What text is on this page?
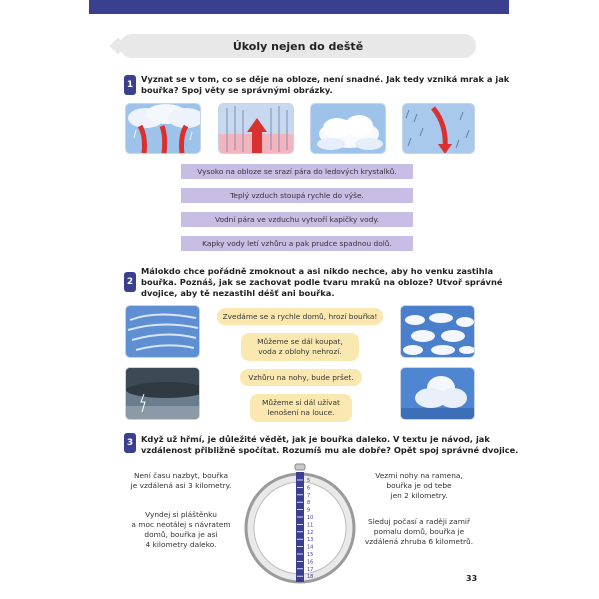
Úkoly nejen do deště
1
Vyznat se v tom, co se děje na obloze, není snadné. Jak tedy vzniká mrak a jak
bouřka? Spoj věty se správnými obrázky.
Vysoko na obloze se srazí pára do ledových krystalků.
Teplý vzduch stoupá rychle do výše.
Vodní pára ve vzduchu vytvoří kapičky vody.
Kapky vody letí vzhůru a pak prudce spadnou dolů.
2
Málokdo chce pořádně zmoknout a asi nikdo nechce, aby ho venku zastihla
bouřka. Poznáš, jak se zachovat podle tvaru mraků na obloze? Utvoř správné
dvojice, aby tě nezastihl déšť ani bouřka.
Zvedáme se a rychle domů, hrozí bouřka!
Můžeme se dál koupat,
voda z oblohy nehrozí.
Vzhůru na nohy, bude pršet.
Můžeme si dál užívat
lenošení na louce.
3 Když už hřmí, je důležité vědět, jak je bouřka daleko. V textu je návod, jak
vzdálenost přibližně spočítat. Rozumíš mu ale dobře? Opět spoj správné dvojice.
Není času nazbyt, bouřka
je vzdálená asi 3 kilometry.
Vyndej si pláštěnku
a moc neotálej s návratem
domů, bouřka je asi
4 kilometry daleko.
Vezmi nohy na ramena,
bouřka je od tebe
jen 2 kilometry.
Sleduj počasí a raději zamiř
pomalu domů, bouřka je
vzdálená zhruba 6 kilometrů.
5
6
7
8
9
10
11
12
13
14
15
16
17
18	33
